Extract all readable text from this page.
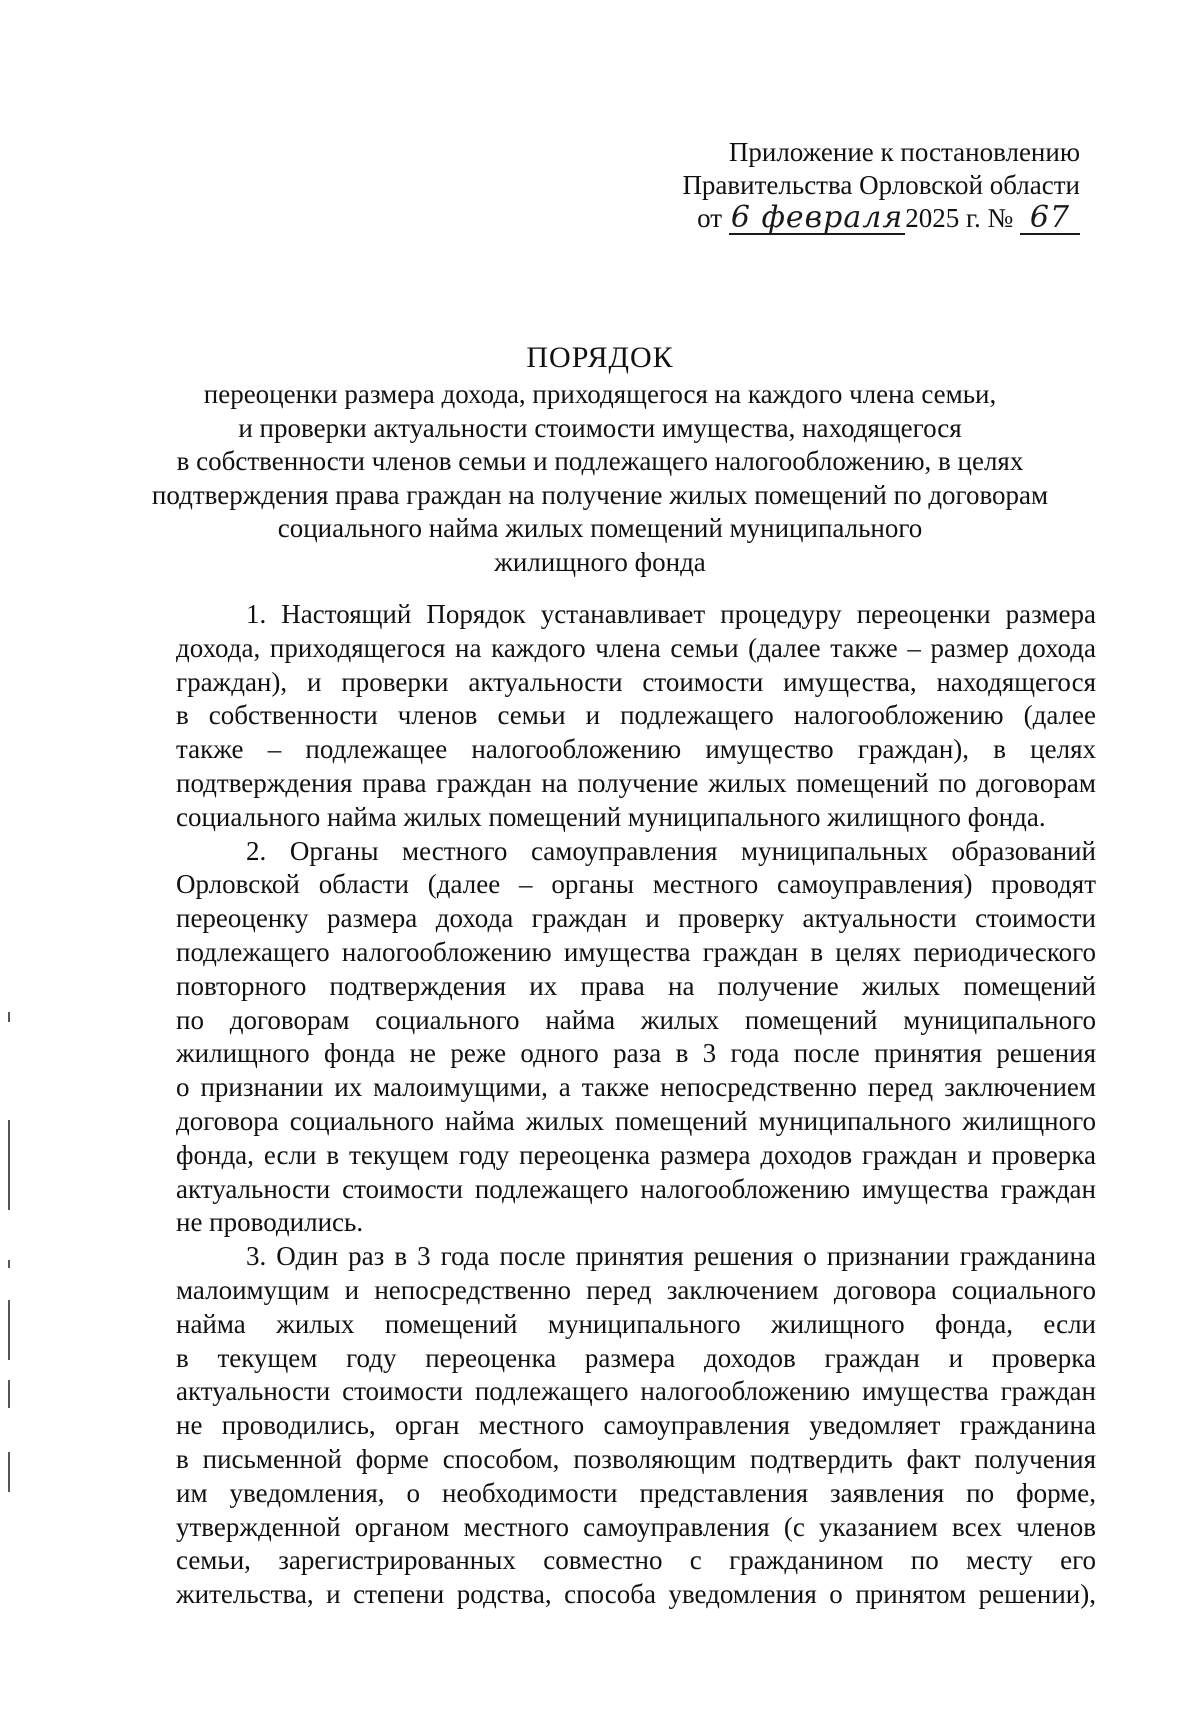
Приложение к постановлению
Правительства Орловской области
от 6 февраля2025 г. № 67
ПОРЯДОК
переоценки размера дохода, приходящегося на каждого члена семьи,
и проверки актуальности стоимости имущества, находящегося
в собственности членов семьи и подлежащего налогообложению, в целях
подтверждения права граждан на получение жилых помещений по договорам
социального найма жилых помещений муниципального
жилищного фонда
1. Настоящий Порядок устанавливает процедуру переоценки размера
дохода, приходящегося на каждого члена семьи (далее также – размер дохода
граждан), и проверки актуальности стоимости имущества, находящегося
в собственности членов семьи и подлежащего налогообложению (далее
также – подлежащее налогообложению имущество граждан), в целях
подтверждения права граждан на получение жилых помещений по договорам
социального найма жилых помещений муниципального жилищного фонда.
2. Органы местного самоуправления муниципальных образований
Орловской области (далее – органы местного самоуправления) проводят
переоценку размера дохода граждан и проверку актуальности стоимости
подлежащего налогообложению имущества граждан в целях периодического
повторного подтверждения их права на получение жилых помещений
по договорам социального найма жилых помещений муниципального
жилищного фонда не реже одного раза в 3 года после принятия решения
о признании их малоимущими, а также непосредственно перед заключением
договора социального найма жилых помещений муниципального жилищного
фонда, если в текущем году переоценка размера доходов граждан и проверка
актуальности стоимости подлежащего налогообложению имущества граждан
не проводились.
3. Один раз в 3 года после принятия решения о признании гражданина
малоимущим и непосредственно перед заключением договора социального
найма жилых помещений муниципального жилищного фонда, если
в текущем году переоценка размера доходов граждан и проверка
актуальности стоимости подлежащего налогообложению имущества граждан
не проводились, орган местного самоуправления уведомляет гражданина
в письменной форме способом, позволяющим подтвердить факт получения
им уведомления, о необходимости представления заявления по форме,
утвержденной органом местного самоуправления (с указанием всех членов
семьи, зарегистрированных совместно с гражданином по месту его
жительства, и степени родства, способа уведомления о принятом решении),
